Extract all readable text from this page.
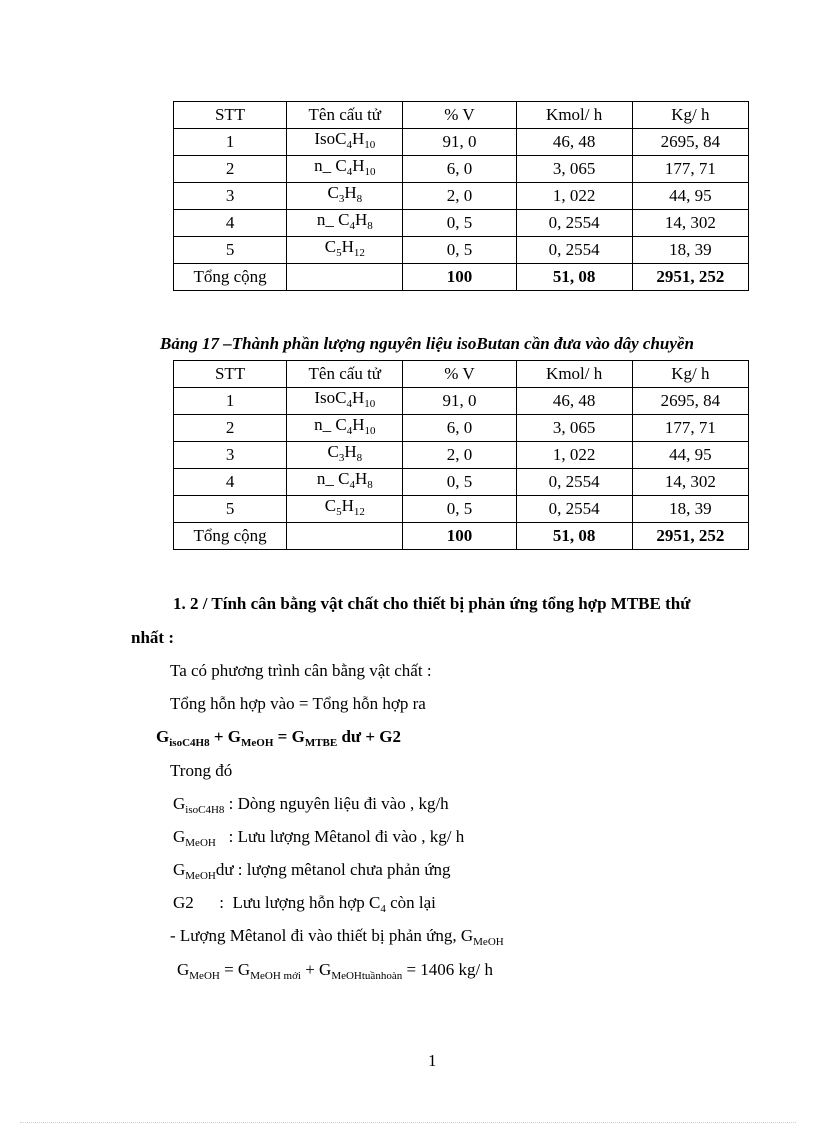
STT	Tên cấu tử	% V	Kmol/ h	Kg/ h
1	$IsoC_4H_{10}$	91, 0	46, 48	2695, 84
2	n_ $C_4H_{10}$	6, 0	3, 065	177, 71
3	$C_3H_8$	2, 0	1, 022	44, 95
4	n_ $C_4H_8$	0, 5	0, 2554	14, 302
5	$C_5H_{12}$	0, 5	0, 2554	18, 39
Tổng cộng		100	51, 08	2951, 252
Bảng 17 –Thành phần lượng nguyên liệu isoButan cần đưa vào dây chuyền
STT	Tên cấu tử	% V	Kmol/ h	Kg/ h
1	$IsoC_4H_{10}$	91, 0	46, 48	2695, 84
2	n_ $C_4H_{10}$	6, 0	3, 065	177, 71
3	$C_3H_8$	2, 0	1, 022	44, 95
4	n_ $C_4H_8$	0, 5	0, 2554	14, 302
5	$C_5H_{12}$	0, 5	0, 2554	18, 39
Tổng cộng		100	51, 08	2951, 252
1. 2 / Tính cân bằng vật chất cho thiết bị phản ứng tổng hợp MTBE thứ
nhất :
Ta có phương trình cân bằng vật chất :
Tổng hỗn hợp vào = Tổng hỗn hợp ra
$G_{isoC4H8} + G_{MeOH} = G_{MTBE}$ dư + G2
Trong đó
$G_{isoC4H8}$ : Dòng nguyên liệu đi vào , kg/h
$G_{MeOH}$   : Lưu lượng Mêtanol đi vào , kg/ h
$G_{MeOH}dư$ : lượng mêtanol chưa phản ứng
G2      :  Lưu lượng hỗn hợp $C_4$ còn lại
- Lượng Mêtanol đi vào thiết bị phản ứng, $G_{MeOH}$
$G_{MeOH} = G_{MeOH mới} + G_{MeOHtuầnhoàn} = 1406$ kg/ h
1
